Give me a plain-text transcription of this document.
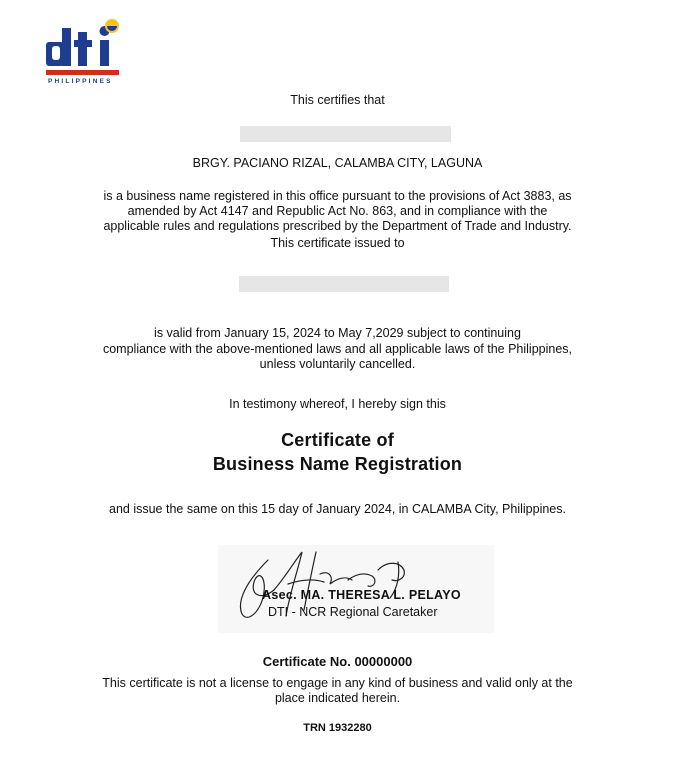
PHILIPPINES
This certifies that
BRGY. PACIANO RIZAL, CALAMBA CITY, LAGUNA
is a business name registered in this office pursuant to the provisions of Act 3883, as
amended by Act 4147 and Republic Act No. 863, and in compliance with the
applicable rules and regulations prescribed by the Department of Trade and Industry.
This certificate issued to
is valid from January 15, 2024 to May 7,2029 subject to continuing
compliance with the above-mentioned laws and all applicable laws of the Philippines,
unless voluntarily cancelled.
In testimony whereof, I hereby sign this
Certificate of
Business Name Registration
and issue the same on this 15 day of January 2024, in CALAMBA City, Philippines.
Asec. MA. THERESA L. PELAYO
DTI - NCR Regional Caretaker
Certificate No. 00000000
This certificate is not a license to engage in any kind of business and valid only at the
place indicated herein.
TRN 1932280
